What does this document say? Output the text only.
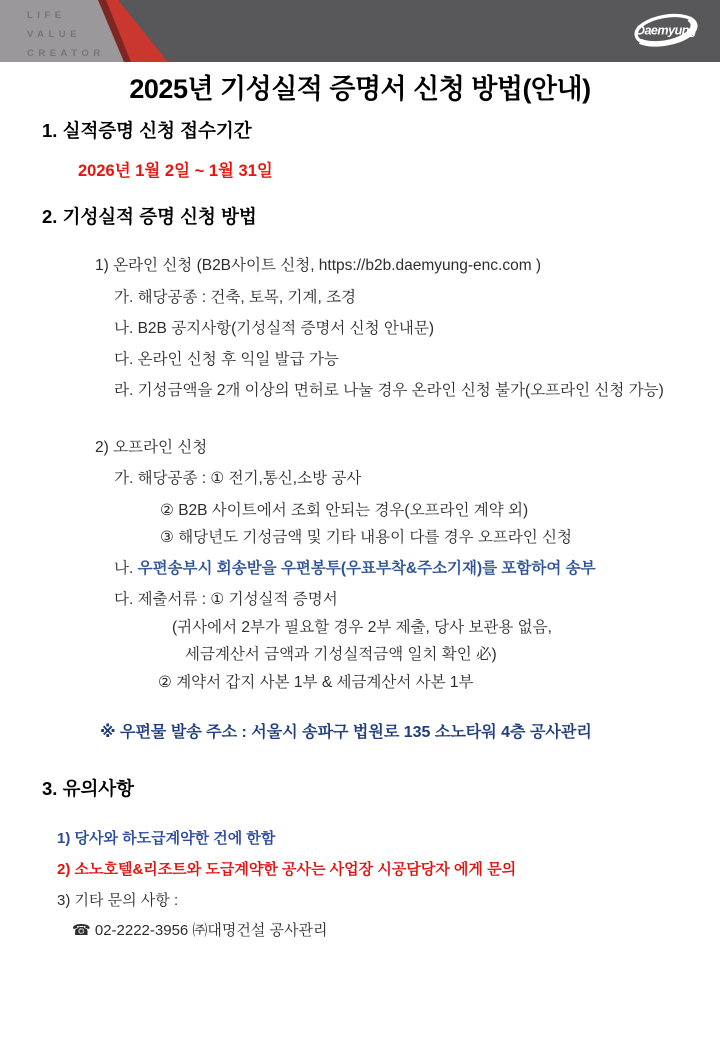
LIFE
VALUE
CREATOR
Daemyung
2025년 기성실적 증명서 신청 방법(안내)
1. 실적증명 신청 접수기간
2026년 1월 2일 ~ 1월 31일
2. 기성실적 증명 신청 방법
1) 온라인 신청 (B2B사이트 신청, https://b2b.daemyung-enc.com )
가. 해당공종 : 건축, 토목, 기계, 조경
나. B2B 공지사항(기성실적 증명서 신청 안내문)
다. 온라인 신청 후 익일 발급 가능
라. 기성금액을 2개 이상의 면허로 나눌 경우 온라인 신청 불가(오프라인 신청 가능)
2) 오프라인 신청
가. 해당공종 : ① 전기,통신,소방 공사
② B2B 사이트에서 조회 안되는 경우(오프라인 계약 외)
③ 해당년도 기성금액 및 기타 내용이 다를 경우 오프라인 신청
나. 우편송부시 회송받을 우편봉투(우표부착&주소기재)를 포함하여 송부
다. 제출서류 : ① 기성실적 증명서
(귀사에서 2부가 필요할 경우 2부 제출, 당사 보관용 없음,
세금계산서 금액과 기성실적금액 일치 확인 必)
② 계약서 갑지 사본 1부 & 세금계산서 사본 1부
※ 우편물 발송 주소 : 서울시 송파구 법원로 135 소노타워 4층 공사관리
3. 유의사항
1) 당사와 하도급계약한 건에 한함
2) 소노호텔&리조트와 도급계약한 공사는 사업장 시공담당자 에게 문의
3) 기타 문의 사항 :
☎ 02-2222-3956 ㈜대명건설 공사관리
